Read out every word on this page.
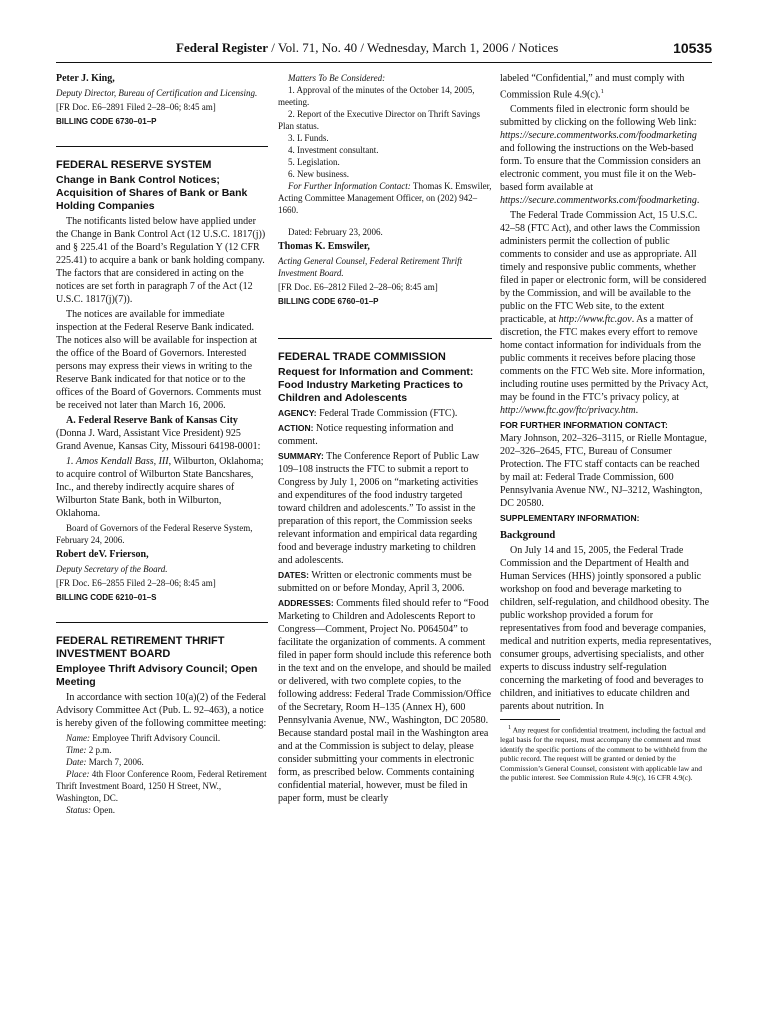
Federal Register / Vol. 71, No. 40 / Wednesday, March 1, 2006 / Notices	10535

Peter J. King,

Deputy Director, Bureau of Certification and Licensing.

[FR Doc. E6–2891 Filed 2–28–06; 8:45 am]

BILLING CODE 6730–01–P

FEDERAL RESERVE SYSTEM

Change in Bank Control Notices; Acquisition of Shares of Bank or Bank Holding Companies

The notificants listed below have applied under the Change in Bank Control Act (12 U.S.C. 1817(j)) and § 225.41 of the Board’s Regulation Y (12 CFR 225.41) to acquire a bank or bank holding company. The factors that are considered in acting on the notices are set forth in paragraph 7 of the Act (12 U.S.C. 1817(j)(7)).

The notices are available for immediate inspection at the Federal Reserve Bank indicated. The notices also will be available for inspection at the office of the Board of Governors. Interested persons may express their views in writing to the Reserve Bank indicated for that notice or to the offices of the Board of Governors. Comments must be received not later than March 16, 2006.

A. Federal Reserve Bank of Kansas City (Donna J. Ward, Assistant Vice President) 925 Grand Avenue, Kansas City, Missouri 64198-0001:

1. Amos Kendall Bass, III, Wilburton, Oklahoma; to acquire control of Wilburton State Bancshares, Inc., and thereby indirectly acquire shares of Wilburton State Bank, both in Wilburton, Oklahoma.

Board of Governors of the Federal Reserve System, February 24, 2006.

Robert deV. Frierson,

Deputy Secretary of the Board.

[FR Doc. E6–2855 Filed 2–28–06; 8:45 am]

BILLING CODE 6210–01–S

FEDERAL RETIREMENT THRIFT INVESTMENT BOARD

Employee Thrift Advisory Council; Open Meeting

In accordance with section 10(a)(2) of the Federal Advisory Committee Act (Pub. L. 92–463), a notice is hereby given of the following committee meeting:

Name: Employee Thrift Advisory Council.

Time: 2 p.m.

Date: March 7, 2006.

Place: 4th Floor Conference Room, Federal Retirement Thrift Investment Board, 1250 H Street, NW., Washington, DC.

Status: Open.

Matters To Be Considered:

1. Approval of the minutes of the October 14, 2005, meeting.

2. Report of the Executive Director on Thrift Savings Plan status.

3. L Funds.

4. Investment consultant.

5. Legislation.

6. New business.

For Further Information Contact: Thomas K. Emswiler, Acting Committee Management Officer, on (202) 942–1660.

Dated: February 23, 2006.

Thomas K. Emswiler,

Acting General Counsel, Federal Retirement Thrift Investment Board.

[FR Doc. E6–2812 Filed 2–28–06; 8:45 am]

BILLING CODE 6760–01–P

FEDERAL TRADE COMMISSION

Request for Information and Comment: Food Industry Marketing Practices to Children and Adolescents

AGENCY: Federal Trade Commission (FTC).

ACTION: Notice requesting information and comment.

SUMMARY: The Conference Report of Public Law 109–108 instructs the FTC to submit a report to Congress by July 1, 2006 on “marketing activities and expenditures of the food industry targeted toward children and adolescents.” To assist in the preparation of this report, the Commission seeks relevant information and empirical data regarding food and beverage industry marketing to children and adolescents.

DATES: Written or electronic comments must be submitted on or before Monday, April 3, 2006.

ADDRESSES: Comments filed should refer to “Food Marketing to Children and Adolescents Report to Congress—Comment, Project No. P064504” to facilitate the organization of comments. A comment filed in paper form should include this reference both in the text and on the envelope, and should be mailed or delivered, with two complete copies, to the following address: Federal Trade Commission/Office of the Secretary, Room H–135 (Annex H), 600 Pennsylvania Avenue, NW., Washington, DC 20580. Because standard postal mail in the Washington area and at the Commission is subject to delay, please consider submitting your comments in electronic form, as prescribed below. Comments containing confidential material, however, must be filed in paper form, must be clearly

labeled “Confidential,” and must comply with Commission Rule 4.9(c).$^1$

Comments filed in electronic form should be submitted by clicking on the following Web link: https://secure.commentworks.com/foodmarketing and following the instructions on the Web-based form. To ensure that the Commission considers an electronic comment, you must file it on the Web-based form available at https://secure.commentworks.com/foodmarketing.

The Federal Trade Commission Act, 15 U.S.C. 42–58 (FTC Act), and other laws the Commission administers permit the collection of public comments to consider and use as appropriate. All timely and responsive public comments, whether filed in paper or electronic form, will be considered by the Commission, and will be available to the public on the FTC Web site, to the extent practicable, at http://www.ftc.gov. As a matter of discretion, the FTC makes every effort to remove home contact information for individuals from the public comments it receives before placing those comments on the FTC Web site. More information, including routine uses permitted by the Privacy Act, may be found in the FTC’s privacy policy, at http://www.ftc.gov/ftc/privacy.htm.

FOR FURTHER INFORMATION CONTACT:

Mary Johnson, 202–326–3115, or Rielle Montague, 202–326–2645, FTC, Bureau of Consumer Protection. The FTC staff contacts can be reached by mail at: Federal Trade Commission, 600 Pennsylvania Avenue NW., NJ–3212, Washington, DC 20580.

SUPPLEMENTARY INFORMATION:

Background

On July 14 and 15, 2005, the Federal Trade Commission and the Department of Health and Human Services (HHS) jointly sponsored a public workshop on food and beverage marketing to children, self-regulation, and childhood obesity. The public workshop provided a forum for representatives from food and beverage companies, medical and nutrition experts, media representatives, consumer groups, advertising specialists, and other experts to discuss industry self-regulation concerning the marketing of food and beverages to children, and initiatives to educate children and parents about nutrition. In

$^1$ Any request for confidential treatment, including the factual and legal basis for the request, must accompany the comment and must identify the specific portions of the comment to be withheld from the public record. The request will be granted or denied by the Commission’s General Counsel, consistent with applicable law and the public interest. See Commission Rule 4.9(c), 16 CFR 4.9(c).
